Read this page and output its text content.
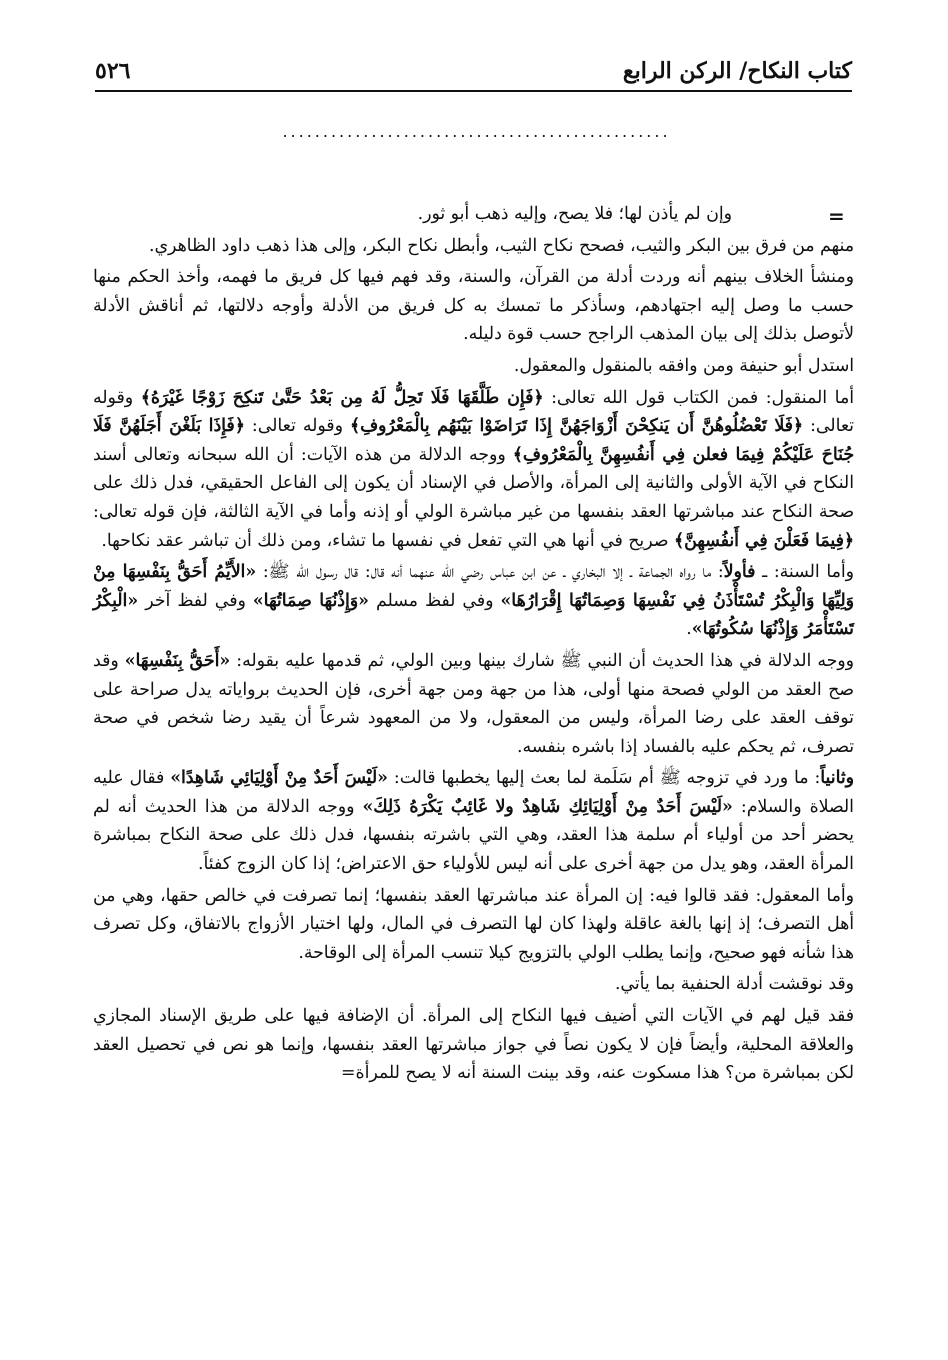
كتاب النكاح/ الركن الرابع
٥٢٦
................................................
=

وإن لم يأذن لها؛ فلا يصح، وإليه ذهب أبو ثور.

منهم من فرق بين البكر والثيب، فصحح نكاح الثيب، وأبطل نكاح البكر، وإلى هذا ذهب داود الظاهري.

ومنشأ الخلاف بينهم أنه وردت أدلة من القرآن، والسنة، وقد فهم فيها كل فريق ما فهمه، وأخذ الحكم منها حسب ما وصل إليه اجتهادهم، وسأذكر ما تمسك به كل فريق من الأدلة وأوجه دلالتها، ثم أناقش الأدلة لأتوصل بذلك إلى بيان المذهب الراجح حسب قوة دليله.

استدل أبو حنيفة ومن وافقه بالمنقول والمعقول.

أما المنقول: فمن الكتاب قول الله تعالى: ﴿فَإِن طَلَّقَهَا فَلَا تَحِلُّ لَهُ مِن بَعْدُ حَتَّىٰ تَنكِحَ زَوْجًا غَيْرَهُ﴾ وقوله تعالى: ﴿فَلَا تَعْضُلُوهُنَّ أَن يَنكِحْنَ أَزْوَاجَهُنَّ إِذَا تَرَاضَوْا بَيْنَهُم بِالْمَعْرُوفِ﴾ وقوله تعالى: ﴿فَإِذَا بَلَغْنَ أَجَلَهُنَّ فَلَا جُنَاحَ عَلَيْكُمْ فِيمَا فعلن فِي أَنفُسِهِنَّ بِالْمَعْرُوفِ﴾ ووجه الدلالة من هذه الآيات: أن الله سبحانه وتعالى أسند النكاح في الآية الأولى والثانية إلى المرأة، والأصل في الإسناد أن يكون إلى الفاعل الحقيقي، فدل ذلك على صحة النكاح عند مباشرتها العقد بنفسها من غير مباشرة الولي أو إذنه وأما في الآية الثالثة، فإن قوله تعالى: ﴿فِيمَا فَعَلْنَ فِي أَنفُسِهِنَّ﴾ صريح في أنها هي التي تفعل في نفسها ما تشاء، ومن ذلك أن تباشر عقد نكاحها.

وأما السنة: ـ فأولاً: ما رواه الجماعة ـ إلا البخاري ـ عن ابن عباس رضي الله عنهما أنه قال: قال رسول الله ﷺ: «الأَيِّمُ أَحَقُّ بِنَفْسِهَا مِنْ وَلِيِّهَا وَالْبِكْرُ تُسْتَأْذَنُ فِي نَفْسِهَا وَصِمَاتُهَا إِقْرَارُهَا» وفي لفظ مسلم «وَإِذْنُهَا صِمَاتُهَا» وفي لفظ آخر «الْبِكْرُ تَسْتَأْمَرُ وَإِذْنُهَا سُكُوتُهَا».

ووجه الدلالة في هذا الحديث أن النبي ﷺ شارك بينها وبين الولي، ثم قدمها عليه بقوله: «أَحَقُّ بِنَفْسِهَا» وقد صح العقد من الولي فصحة منها أولى، هذا من جهة ومن جهة أخرى، فإن الحديث برواياته يدل صراحة على توقف العقد على رضا المرأة، وليس من المعقول، ولا من المعهود شرعاً أن يقيد رضا شخص في صحة تصرف، ثم يحكم عليه بالفساد إذا باشره بنفسه.

وثانياً: ما ورد في تزوجه ﷺ أم سَلَمة لما بعث إليها يخطبها قالت: «لَيْسَ أَحَدٌ مِنْ أَوْلِيَائِي شَاهِدًا» فقال عليه الصلاة والسلام: «لَيْسَ أَحَدٌ مِنْ أَوْلِيَائِكِ شَاهِدٌ ولا غَائِبٌ يَكْرَهُ ذَلِكَ» ووجه الدلالة من هذا الحديث أنه لم يحضر أحد من أولياء أم سلمة هذا العقد، وهي التي باشرته بنفسها، فدل ذلك على صحة النكاح بمباشرة المرأة العقد، وهو يدل من جهة أخرى على أنه ليس للأولياء حق الاعتراض؛ إذا كان الزوج كفئاً.

وأما المعقول: فقد قالوا فيه: إن المرأة عند مباشرتها العقد بنفسها؛ إنما تصرفت في خالص حقها، وهي من أهل التصرف؛ إذ إنها بالغة عاقلة ولهذا كان لها التصرف في المال، ولها اختيار الأزواج بالاتفاق، وكل تصرف هذا شأنه فهو صحيح، وإنما يطلب الولي بالتزويج كيلا تنسب المرأة إلى الوقاحة.

وقد نوقشت أدلة الحنفية بما يأتي.

فقد قيل لهم في الآيات التي أضيف فيها النكاح إلى المرأة. أن الإضافة فيها على طريق الإسناد المجازي والعلاقة المحلية، وأيضاً فإن لا يكون نصاً في جواز مباشرتها العقد بنفسها، وإنما هو نص في تحصيل العقد لكن بمباشرة من؟ هذا مسكوت عنه، وقد بينت السنة أنه لا يصح للمرأة=
